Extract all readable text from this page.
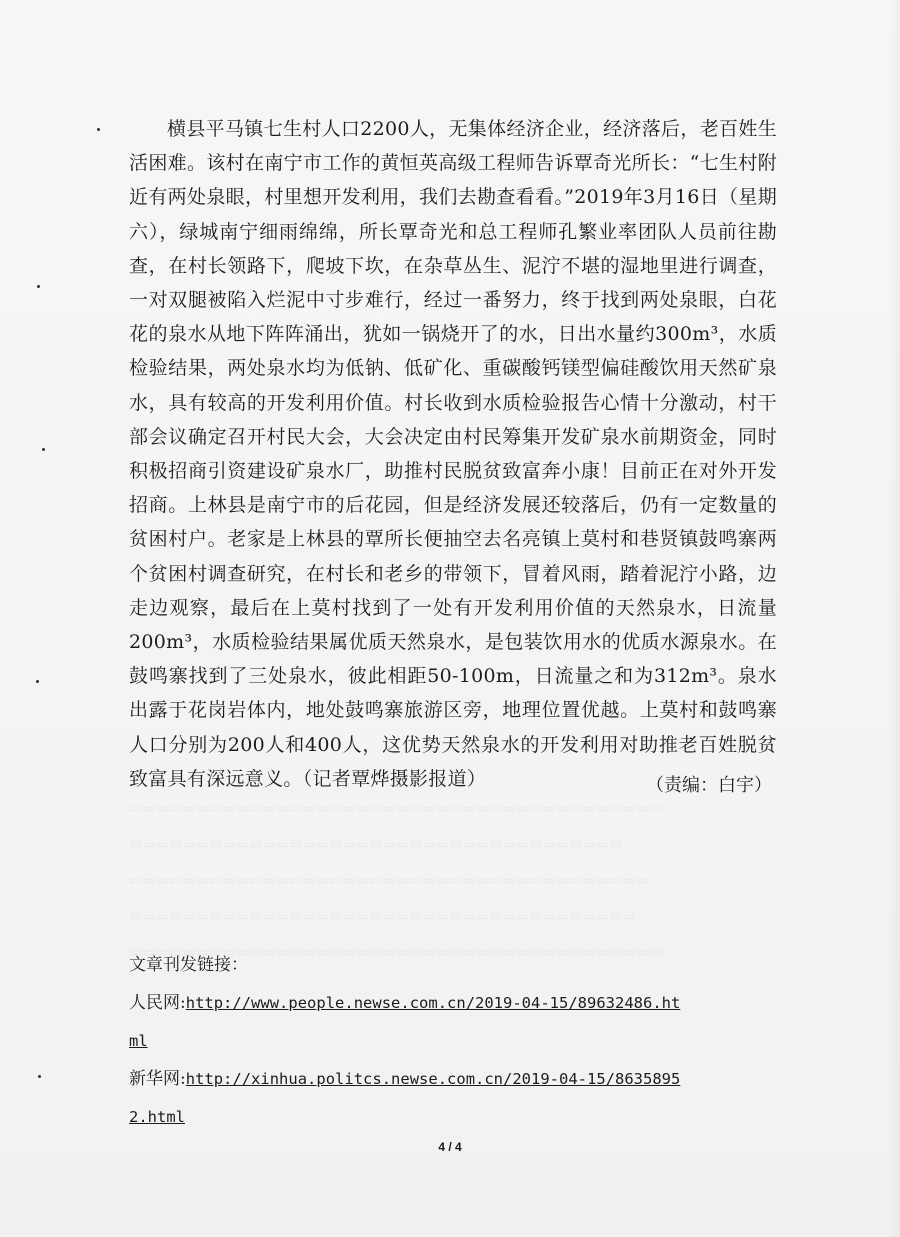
▭▭▭▭▭▭▭▭▭▭▭▭▭▭▭▭▭▭▭▭▭▭▭▭▭▭▭▭▭▭▭▭▭▭▭▭▭▭▭▭
▭▭▭▭▭▭▭▭▭▭▭▭▭▭▭▭▭▭▭▭▭▭▭▭▭▭▭▭▭▭▭▭▭▭▭▭▭
▭▭▭▭▭▭▭▭▭▭▭▭▭▭▭▭▭▭▭▭▭▭▭▭▭▭▭▭▭▭▭▭▭▭▭▭▭▭▭
▭▭▭▭▭▭▭▭▭▭▭▭▭▭▭▭▭▭▭▭▭▭▭▭▭▭▭▭▭▭▭▭▭▭▭▭▭▭
▭▭▭▭▭▭▭▭▭▭▭▭▭▭▭▭▭▭▭▭▭▭▭▭▭▭▭▭▭▭▭▭▭▭▭▭▭▭▭▭

横县平马镇七生村人口2200人，无集体经济企业，经济落后，老百姓生活困难。该村在南宁市工作的黄恒英高级工程师告诉覃奇光所长：“七生村附近有两处泉眼，村里想开发利用，我们去勘查看看。”2019年3月16日（星期六），绿城南宁细雨绵绵，所长覃奇光和总工程师孔繁业率团队人员前往勘查，在村长领路下，爬坡下坎，在杂草丛生、泥泞不堪的湿地里进行调查，一对双腿被陷入烂泥中寸步难行，经过一番努力，终于找到两处泉眼，白花花的泉水从地下阵阵涌出，犹如一锅烧开了的水，日出水量约300m³，水质检验结果，两处泉水均为低钠、低矿化、重碳酸钙镁型偏硅酸饮用天然矿泉水，具有较高的开发利用价值。村长收到水质检验报告心情十分激动，村干部会议确定召开村民大会，大会决定由村民筹集开发矿泉水前期资金，同时积极招商引资建设矿泉水厂，助推村民脱贫致富奔小康！目前正在对外开发招商。上林县是南宁市的后花园，但是经济发展还较落后，仍有一定数量的贫困村户。老家是上林县的覃所长便抽空去名亮镇上莫村和巷贤镇鼓鸣寨两个贫困村调查研究，在村长和老乡的带领下，冒着风雨，踏着泥泞小路，边走边观察，最后在上莫村找到了一处有开发利用价值的天然泉水，日流量200m³，水质检验结果属优质天然泉水，是包装饮用水的优质水源泉水。在鼓鸣寨找到了三处泉水，彼此相距50-100m，日流量之和为312m³。泉水出露于花岗岩体内，地处鼓鸣寨旅游区旁，地理位置优越。上莫村和鼓鸣寨人口分别为200人和400人，这优势天然泉水的开发利用对助推老百姓脱贫致富具有深远意义。（记者覃烨摄影报道）	（责编：白宇）
文章刊发链接：
人民网:http://www.people.newse.com.cn/2019-04-15/89632486.html
新华网:http://xinhua.politcs.newse.com.cn/2019-04-15/86358952.html
4 / 4
